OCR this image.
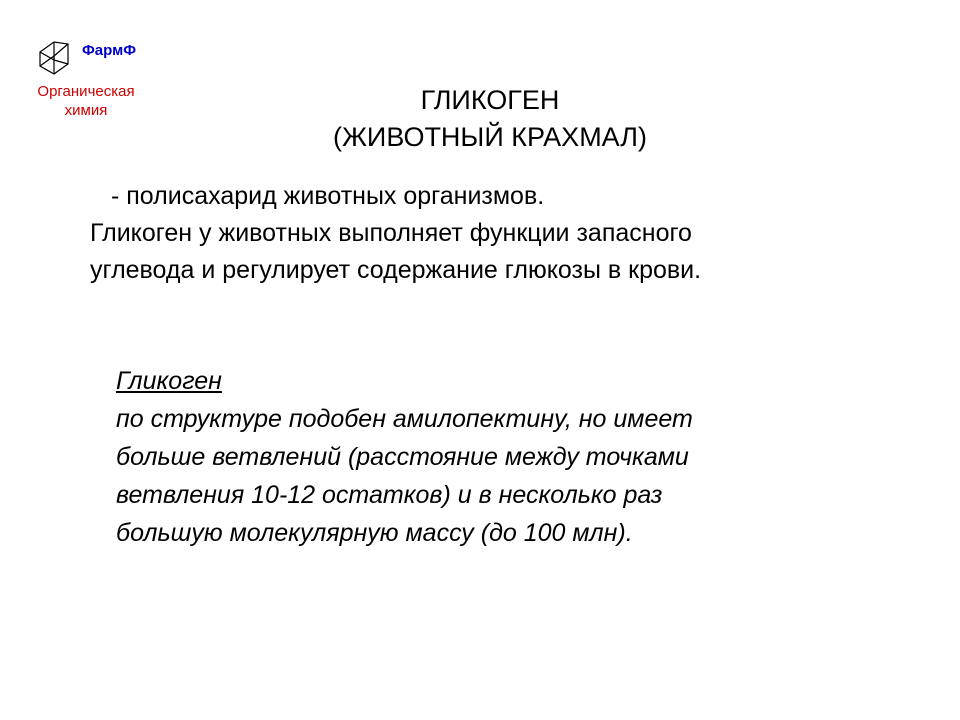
ФармФ
Органическая
химия	ГЛИКОГЕН
(ЖИВОТНЫЙ КРАХМАЛ)
- полисахарид животных организмов.
Гликоген у животных выполняет функции запасного
углевода и регулирует содержание глюкозы в крови.
Гликоген
по структуре подобен амилопектину, но имеет
больше ветвлений (расстояние между точками
ветвления 10-12 остатков) и в несколько раз
большую молекулярную массу (до 100 млн).
